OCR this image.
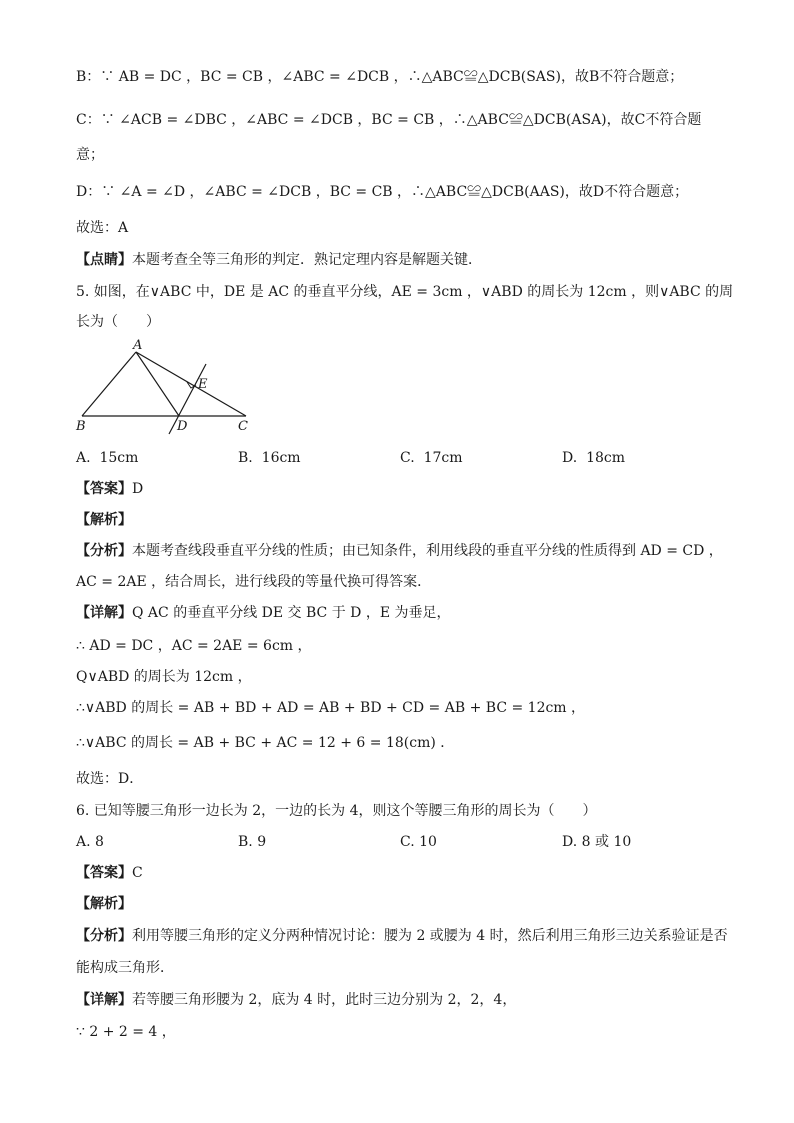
B：∵ AB = DC ，BC = CB ，∠ABC = ∠DCB ，∴△ABC≌△DCB(SAS)，故B不符合题意；
C：∵ ∠ACB = ∠DBC ，∠ABC = ∠DCB ，BC = CB ，∴△ABC≌△DCB(ASA)，故C不符合题
意；
D：∵ ∠A = ∠D ，∠ABC = ∠DCB ，BC = CB ，∴△ABC≌△DCB(AAS)，故D不符合题意；
故选：A
【点睛】本题考查全等三角形的判定．熟记定理内容是解题关键．
5. 如图，在∨ABC 中，DE 是 AC 的垂直平分线，AE = 3cm ，∨ABD 的周长为 12cm ，则∨ABC 的周
长为（　　）
A
B	C
D
E
A. 15cm	B. 16cm	C. 17cm	D. 18cm
【答案】D
【解析】
【分析】本题考查线段垂直平分线的性质；由已知条件，利用线段的垂直平分线的性质得到 AD = CD ，
AC = 2AE ，结合周长，进行线段的等量代换可得答案．
【详解】Q AC 的垂直平分线 DE 交 BC 于 D ，E 为垂足，
∴ AD = DC ，AC = 2AE = 6cm ，
Q∨ABD 的周长为 12cm ，
∴∨ABD 的周长 = AB + BD + AD = AB + BD + CD = AB + BC = 12cm ，
∴∨ABC 的周长 = AB + BC + AC = 12 + 6 = 18(cm) ．
故选：D．
6. 已知等腰三角形一边长为 2，一边的长为 4，则这个等腰三角形的周长为（　　）
A. 8	B. 9	C. 10	D. 8 或 10
【答案】C
【解析】
【分析】利用等腰三角形的定义分两种情况讨论：腰为 2 或腰为 4 时，然后利用三角形三边关系验证是否
能构成三角形．
【详解】若等腰三角形腰为 2，底为 4 时，此时三边分别为 2，2，4，
∵ 2 + 2 = 4 ，
